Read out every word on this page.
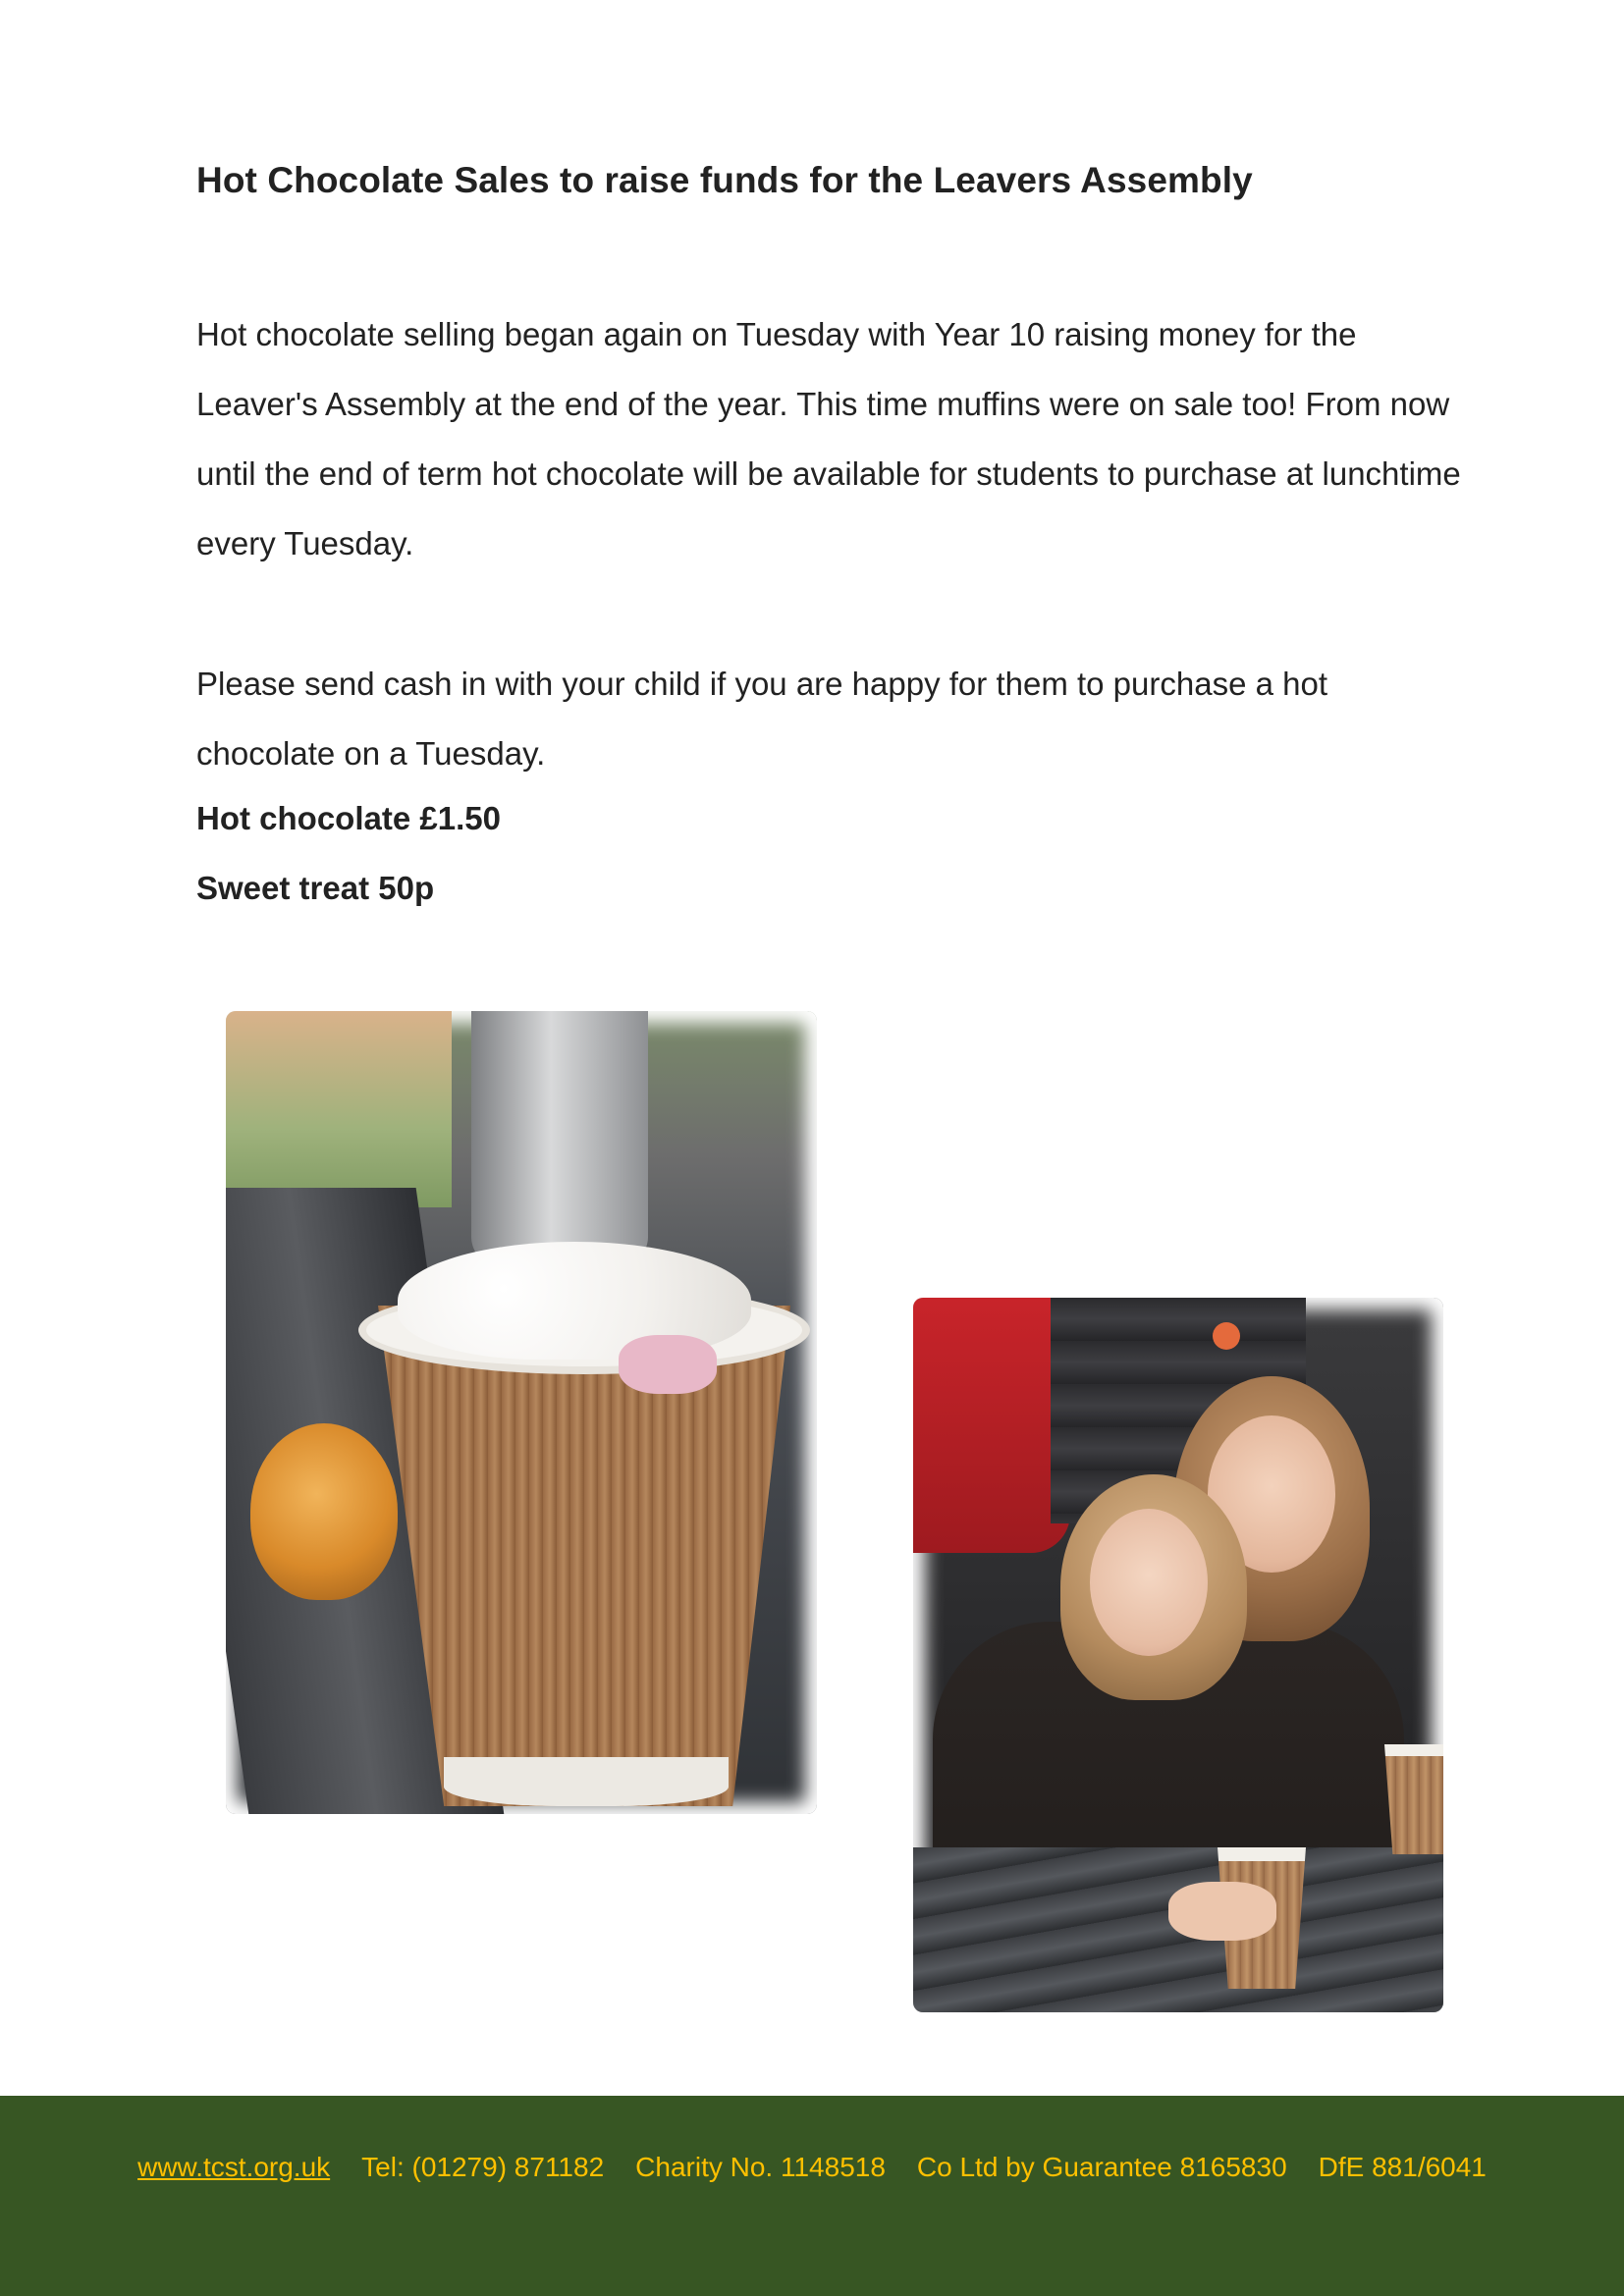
Hot Chocolate Sales to raise funds for the Leavers Assembly

Hot chocolate selling began again on Tuesday with Year 10 raising money for the Leaver's Assembly at the end of the year. This time muffins were on sale too! From now until the end of term hot chocolate will be available for students to purchase at lunchtime every Tuesday.

Please send cash in with your child if you are happy for them to purchase a hot chocolate on a Tuesday.

Hot chocolate £1.50

Sweet treat 50p

www.tcst.org.uk Tel: (01279) 871182 Charity No. 1148518 Co Ltd by Guarantee 8165830 DfE 881/6041
